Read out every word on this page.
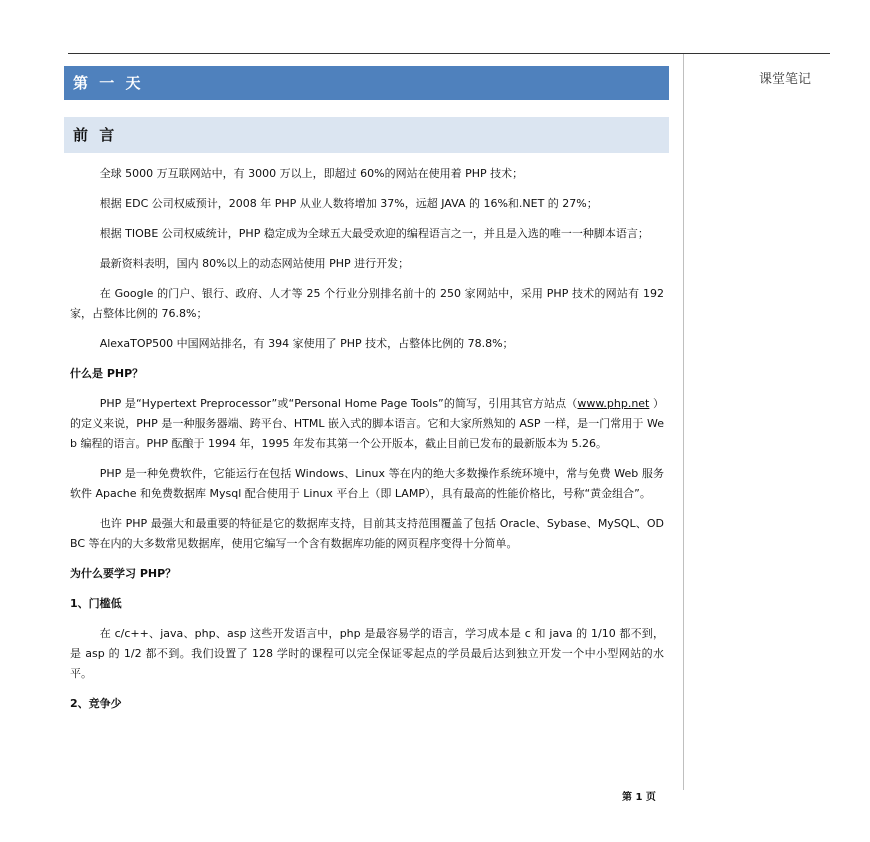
课堂笔记
第 一 天
前 言

全球 5000 万互联网站中，有 3000 万以上，即超过 60%的网站在使用着 PHP 技术；

根据 EDC 公司权威预计，2008 年 PHP 从业人数将增加 37%，远超 JAVA 的 16%和.NET 的 27%；

根据 TIOBE 公司权威统计，PHP 稳定成为全球五大最受欢迎的编程语言之一，并且是入选的唯一一种脚本语言；

最新资料表明，国内 80%以上的动态网站使用 PHP 进行开发；

在 Google 的门户、银行、政府、人才等 25 个行业分别排名前十的 250 家网站中，采用 PHP 技术的网站有 192 家，占整体比例的 76.8%；

AlexaTOP500 中国网站排名，有 394 家使用了 PHP 技术，占整体比例的 78.8%；

什么是 PHP？

PHP 是“Hypertext Preprocessor”或“Personal Home Page Tools”的简写，引用其官方站点（www.php.net ）的定义来说，PHP 是一种服务器端、跨平台、HTML 嵌入式的脚本语言。它和大家所熟知的 ASP 一样，是一门常用于 Web 编程的语言。PHP 酝酿于 1994 年，1995 年发布其第一个公开版本，截止目前已发布的最新版本为 5.26。

PHP 是一种免费软件，它能运行在包括 Windows、Linux 等在内的绝大多数操作系统环境中，常与免费 Web 服务软件 Apache 和免费数据库 Mysql 配合使用于 Linux 平台上（即 LAMP），具有最高的性能价格比，号称“黄金组合”。

也许 PHP 最强大和最重要的特征是它的数据库支持，目前其支持范围覆盖了包括 Oracle、Sybase、MySQL、ODBC 等在内的大多数常见数据库，使用它编写一个含有数据库功能的网页程序变得十分简单。

为什么要学习 PHP？
1、门槛低

在 c/c++、java、php、asp 这些开发语言中，php 是最容易学的语言，学习成本是 c 和 java 的 1/10 都不到，是 asp 的 1/2 都不到。我们设置了 128 学时的课程可以完全保证零起点的学员最后达到独立开发一个中小型网站的水平。

2、竞争少
第 1 页
